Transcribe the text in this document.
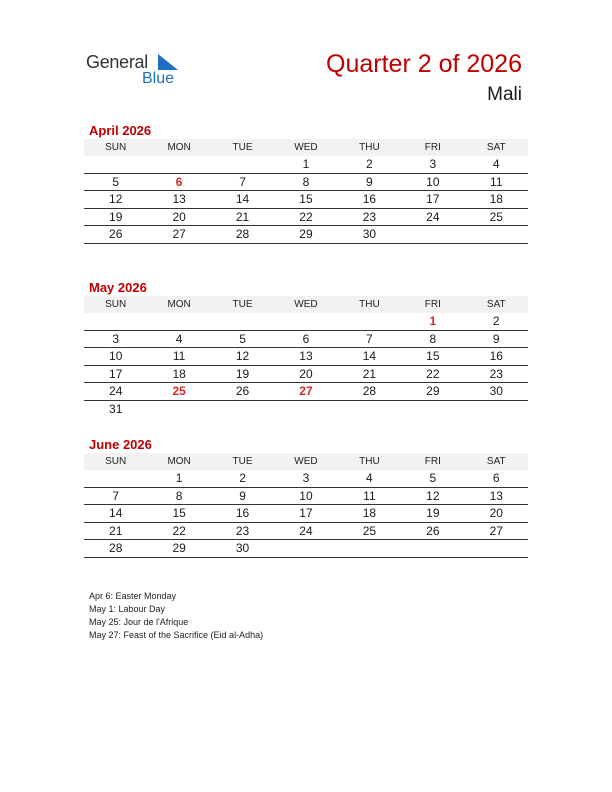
General
Blue
Quarter 2 of 2026
Mali
April 2026
SUN	MON	TUE	WED	THU	FRI	SAT
			1	2	3	4
5	6	7	8	9	10	11
12	13	14	15	16	17	18
19	20	21	22	23	24	25
26	27	28	29	30		
May 2026
SUN	MON	TUE	WED	THU	FRI	SAT
					1	2
3	4	5	6	7	8	9
10	11	12	13	14	15	16
17	18	19	20	21	22	23
24	25	26	27	28	29	30
31						
June 2026
SUN	MON	TUE	WED	THU	FRI	SAT
	1	2	3	4	5	6
7	8	9	10	11	12	13
14	15	16	17	18	19	20
21	22	23	24	25	26	27
28	29	30				
Apr 6: Easter Monday
May 1: Labour Day
May 25: Jour de l'Afrique
May 27: Feast of the Sacrifice (Eid al-Adha)
